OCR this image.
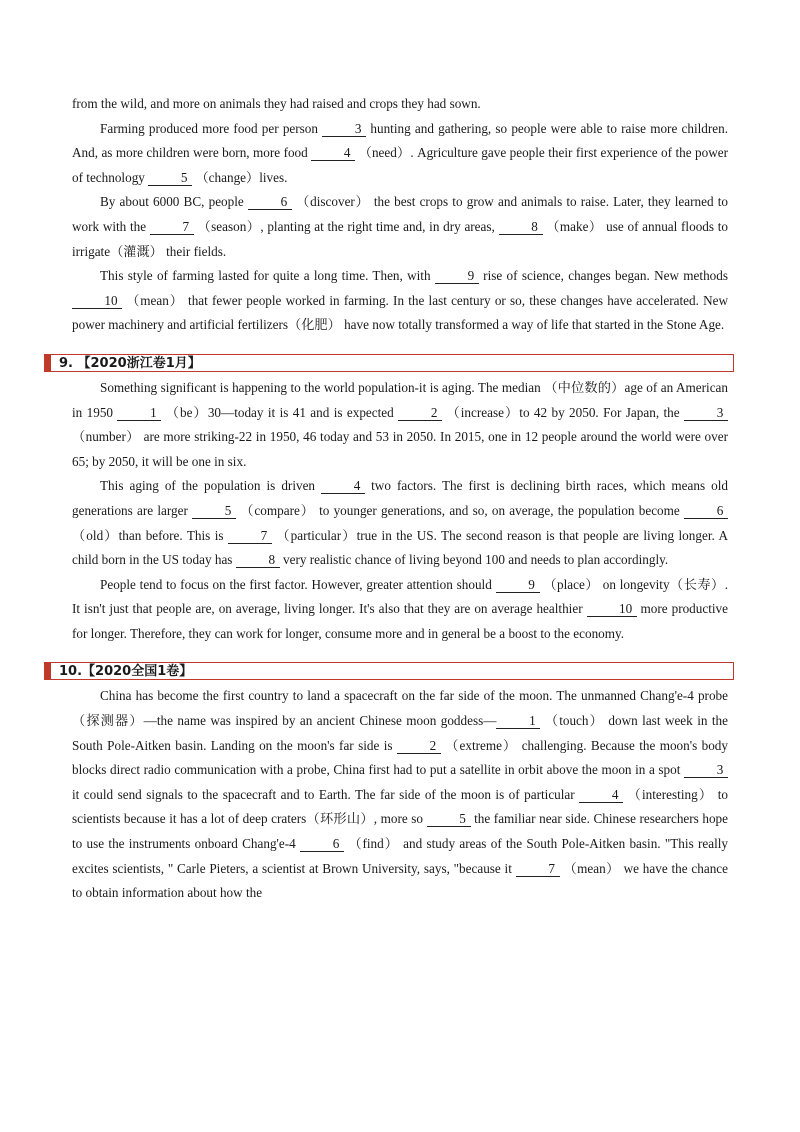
from the wild, and more on animals they had raised and crops they had sown.

Farming produced more food per person 3 hunting and gathering, so people were able to raise more children. And, as more children were born, more food 4 （need）. Agriculture gave people their first experience of the power of technology 5 （change）lives.

By about 6000 BC, people 6 （discover） the best crops to grow and animals to raise. Later, they learned to work with the 7 （season）, planting at the right time and, in dry areas, 8 （make） use of annual floods to irrigate（灌溉） their fields.

This style of farming lasted for quite a long time. Then, with 9 rise of science, changes began. New methods 10 （mean） that fewer people worked in farming. In the last century or so, these changes have accelerated. New power machinery and artificial fertilizers（化肥） have now totally transformed a way of life that started in the Stone Age.

9. 【2020浙江卷1月】

Something significant is happening to the world population-it is aging. The median （中位数的）age of an American in 1950 1 （be）30—today it is 41 and is expected 2 （increase）to 42 by 2050. For Japan, the 3 （number） are more striking-22 in 1950, 46 today and 53 in 2050. In 2015, one in 12 people around the world were over 65; by 2050, it will be one in six.

This aging of the population is driven 4 two factors. The first is declining birth races, which means old generations are larger 5 （compare） to younger generations, and so, on average, the population become 6 （old）than before. This is 7 （particular）true in the US. The second reason is that people are living longer. A child born in the US today has 8 very realistic chance of living beyond 100 and needs to plan accordingly.

People tend to focus on the first factor. However, greater attention should 9 （place） on longevity（长寿）. It isn't just that people are, on average, living longer. It's also that they are on average healthier 10 more productive for longer. Therefore, they can work for longer, consume more and in general be a boost to the economy.

10.【2020全国1卷】

China has become the first country to land a spacecraft on the far side of the moon. The unmanned Chang'e-4 probe（探测器）—the name was inspired by an ancient Chinese moon goddess— 1 （touch） down last week in the South Pole-Aitken basin. Landing on the moon's far side is 2 （extreme） challenging. Because the moon's body blocks direct radio communication with a probe, China first had to put a satellite in orbit above the moon in a spot 3 it could send signals to the spacecraft and to Earth. The far side of the moon is of particular 4 （interesting） to scientists because it has a lot of deep craters（环形山）, more so 5 the familiar near side. Chinese researchers hope to use the instruments onboard Chang'e-4 6 （find） and study areas of the South Pole-Aitken basin. "This really excites scientists, " Carle Pieters, a scientist at Brown University, says, "because it 7 （mean） we have the chance to obtain information about how the
